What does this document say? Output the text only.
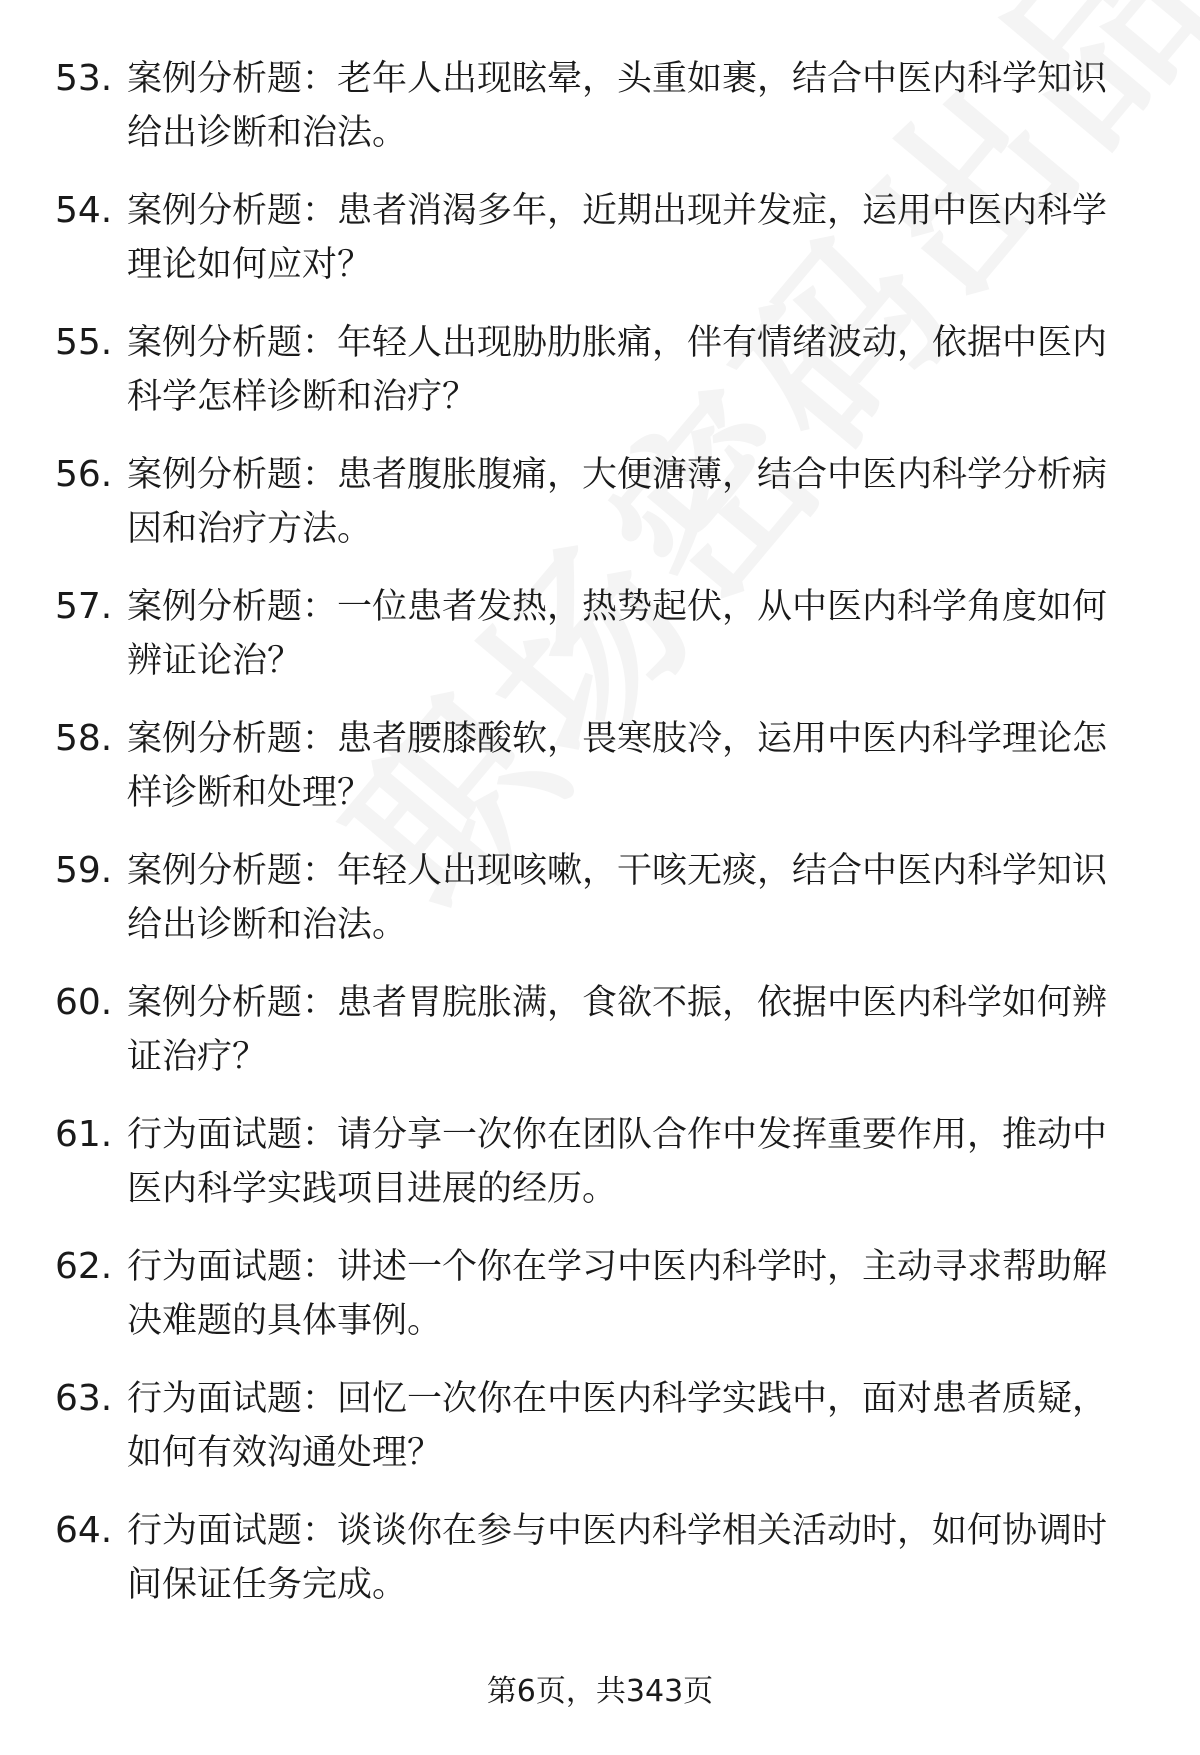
53. 案例分析题：老年人出现眩晕，头重如裹，结合中医内科学知识给出诊断和治法。
54. 案例分析题：患者消渴多年，近期出现并发症，运用中医内科学理论如何应对？
55. 案例分析题：年轻人出现胁肋胀痛，伴有情绪波动，依据中医内科学怎样诊断和治疗？
56. 案例分析题：患者腹胀腹痛，大便溏薄，结合中医内科学分析病因和治疗方法。
57. 案例分析题：一位患者发热，热势起伏，从中医内科学角度如何辨证论治？
58. 案例分析题：患者腰膝酸软，畏寒肢冷，运用中医内科学理论怎样诊断和处理？
59. 案例分析题：年轻人出现咳嗽，干咳无痰，结合中医内科学知识给出诊断和治法。
60. 案例分析题：患者胃脘胀满，食欲不振，依据中医内科学如何辨证治疗？
61. 行为面试题：请分享一次你在团队合作中发挥重要作用，推动中医内科学实践项目进展的经历。
62. 行为面试题：讲述一个你在学习中医内科学时，主动寻求帮助解决难题的具体事例。
63. 行为面试题：回忆一次你在中医内科学实践中，面对患者质疑，如何有效沟通处理？
64. 行为面试题：谈谈你在参与中医内科学相关活动时，如何协调时间保证任务完成。
第6页，共343页
